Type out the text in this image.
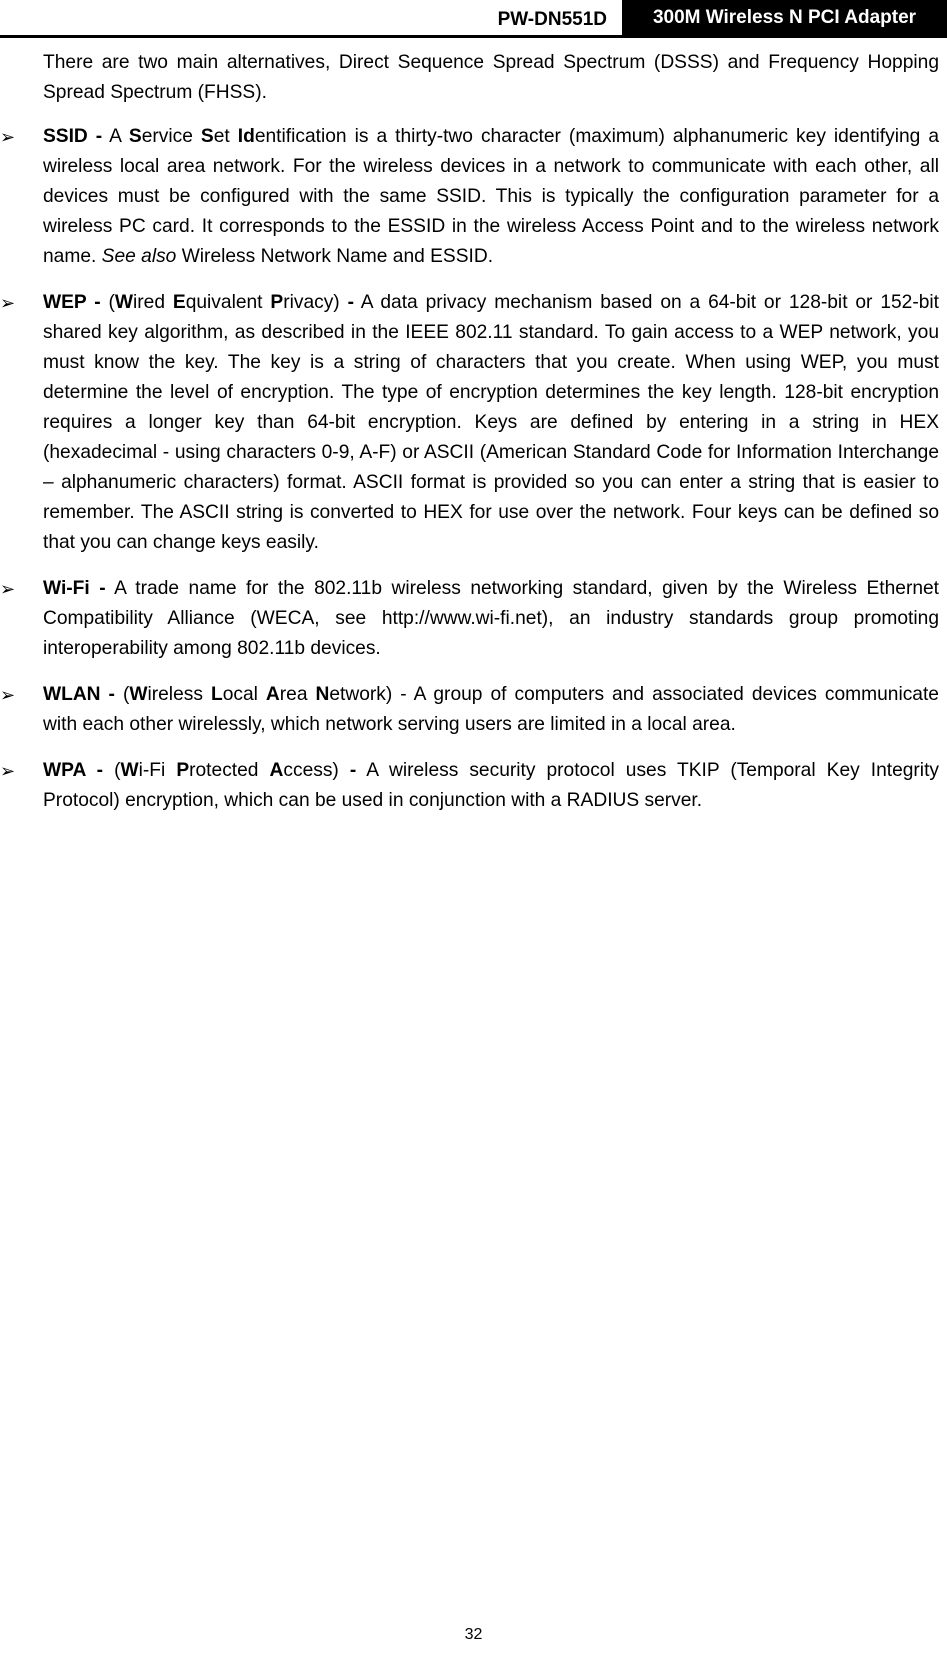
PW-DN551D	300M Wireless N PCI Adapter

There are two main alternatives, Direct Sequence Spread Spectrum (DSSS) and Frequency Hopping Spread Spectrum (FHSS).

➢ SSID - A Service Set Identification is a thirty-two character (maximum) alphanumeric key identifying a wireless local area network. For the wireless devices in a network to communicate with each other, all devices must be configured with the same SSID. This is typically the configuration parameter for a wireless PC card. It corresponds to the ESSID in the wireless Access Point and to the wireless network name. See also Wireless Network Name and ESSID.
➢ WEP - (Wired Equivalent Privacy) - A data privacy mechanism based on a 64-bit or 128-bit or 152-bit shared key algorithm, as described in the IEEE 802.11 standard. To gain access to a WEP network, you must know the key. The key is a string of characters that you create. When using WEP, you must determine the level of encryption. The type of encryption determines the key length. 128-bit encryption requires a longer key than 64-bit encryption. Keys are defined by entering in a string in HEX (hexadecimal - using characters 0-9, A-F) or ASCII (American Standard Code for Information Interchange – alphanumeric characters) format. ASCII format is provided so you can enter a string that is easier to remember. The ASCII string is converted to HEX for use over the network. Four keys can be defined so that you can change keys easily.
➢ Wi-Fi - A trade name for the 802.11b wireless networking standard, given by the Wireless Ethernet Compatibility Alliance (WECA, see http://www.wi-fi.net), an industry standards group promoting interoperability among 802.11b devices.
➢ WLAN - (Wireless Local Area Network) - A group of computers and associated devices communicate with each other wirelessly, which network serving users are limited in a local area.
➢ WPA - (Wi-Fi Protected Access) - A wireless security protocol uses TKIP (Temporal Key Integrity Protocol) encryption, which can be used in conjunction with a RADIUS server.
32
